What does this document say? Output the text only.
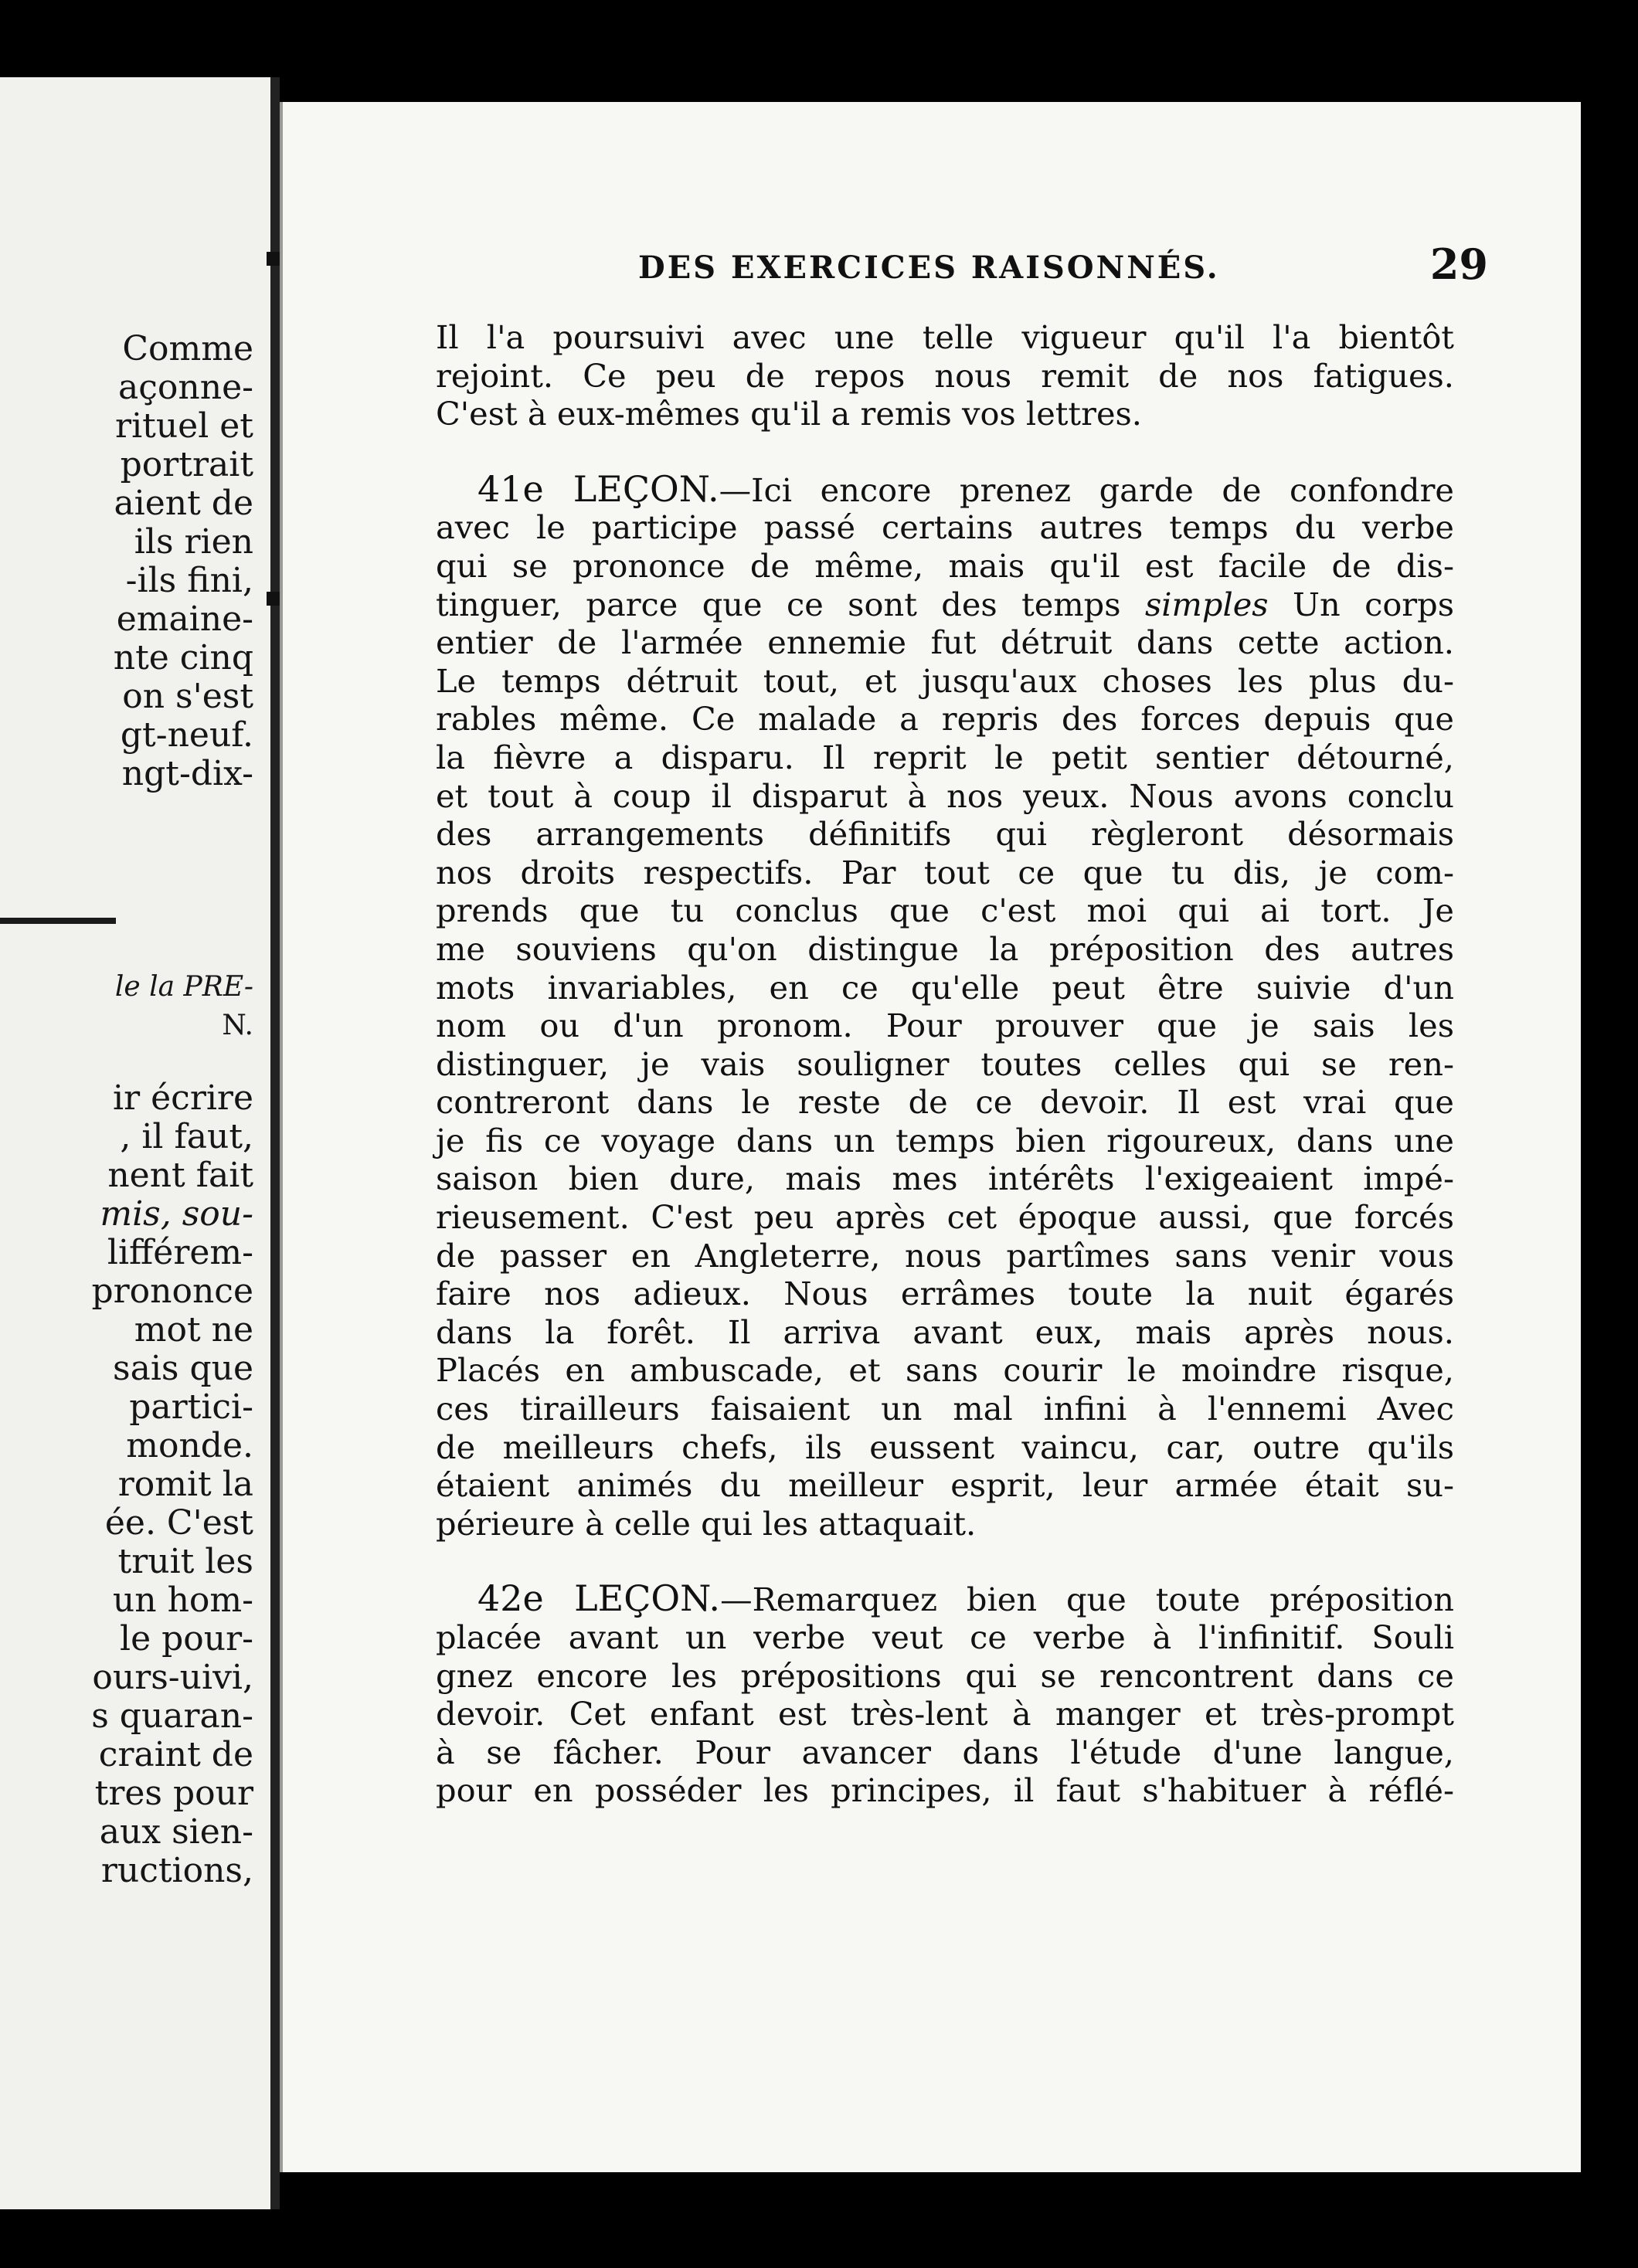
Comme
açonne-
rituel et
portrait
aient de
ils rien
-ils fini,
emaine-
nte cinq
on s'est
gt-neuf.
ngt-dix-
le la PRE-
N.
ir écrire
, il faut,
nent fait
mis, sou-
lifférem-
prononce
mot ne
sais que
partici-
monde.
romit la
ée. C'est
truit les
un hom-
le pour-
ours-uivi,
s quaran-
craint de
tres pour
aux sien-
ructions,
DES EXERCICES RAISONNÉS.	29
Il l'a poursuivi avec une telle vigueur qu'il l'a bientôt
rejoint. Ce peu de repos nous remit de nos fatigues.
C'est à eux-mêmes qu'il a remis vos lettres.
41e LEÇON.—Ici encore prenez garde de confondre
avec le participe passé certains autres temps du verbe
qui se prononce de même, mais qu'il est facile de dis-
tinguer, parce que ce sont des temps simples Un corps
entier de l'armée ennemie fut détruit dans cette action.
Le temps détruit tout, et jusqu'aux choses les plus du-
rables même. Ce malade a repris des forces depuis que
la fièvre a disparu. Il reprit le petit sentier détourné,
et tout à coup il disparut à nos yeux. Nous avons conclu
des arrangements définitifs qui règleront désormais
nos droits respectifs. Par tout ce que tu dis, je com-
prends que tu conclus que c'est moi qui ai tort. Je
me souviens qu'on distingue la préposition des autres
mots invariables, en ce qu'elle peut être suivie d'un
nom ou d'un pronom. Pour prouver que je sais les
distinguer, je vais souligner toutes celles qui se ren-
contreront dans le reste de ce devoir. Il est vrai que
je fis ce voyage dans un temps bien rigoureux, dans une
saison bien dure, mais mes intérêts l'exigeaient impé-
rieusement. C'est peu après cet époque aussi, que forcés
de passer en Angleterre, nous partîmes sans venir vous
faire nos adieux. Nous errâmes toute la nuit égarés
dans la forêt. Il arriva avant eux, mais après nous.
Placés en ambuscade, et sans courir le moindre risque,
ces tirailleurs faisaient un mal infini à l'ennemi Avec
de meilleurs chefs, ils eussent vaincu, car, outre qu'ils
étaient animés du meilleur esprit, leur armée était su-
périeure à celle qui les attaquait.
42e LEÇON.—Remarquez bien que toute préposition
placée avant un verbe veut ce verbe à l'infinitif. Souli
gnez encore les prépositions qui se rencontrent dans ce
devoir. Cet enfant est très-lent à manger et très-prompt
à se fâcher. Pour avancer dans l'étude d'une langue,
pour en posséder les principes, il faut s'habituer à réflé-
